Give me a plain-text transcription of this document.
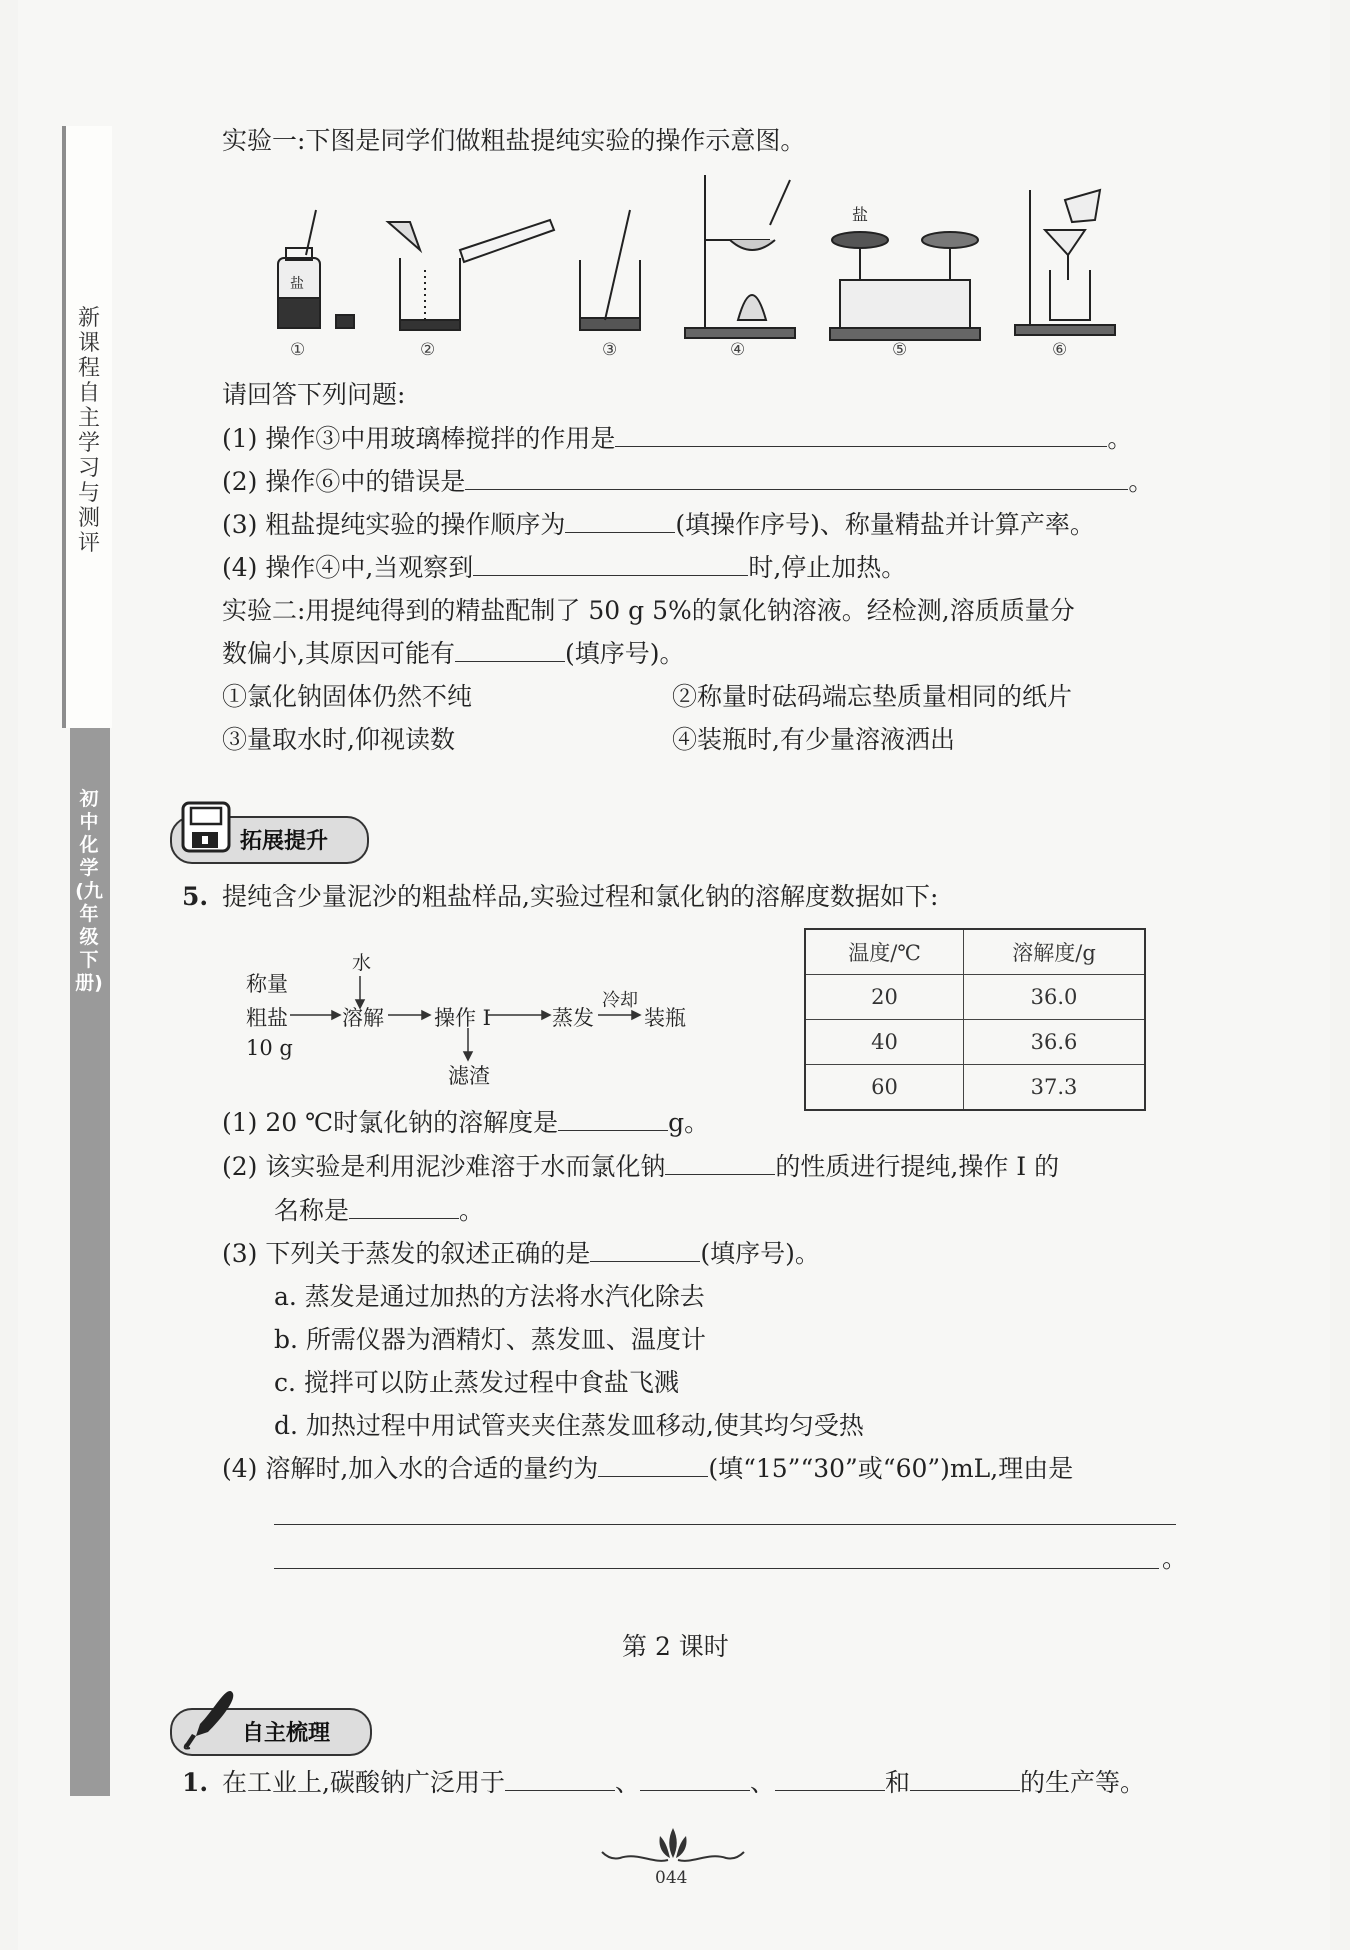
新课程自主学习与测评
初中化学(九年级下册)
实验一:下图是同学们做粗盐提纯实验的操作示意图。
盐
盐
①	②	③	④	⑤	⑥
请回答下列问题:
(1) 操作③中用玻璃棒搅拌的作用是	。
(2) 操作⑥中的错误是	。
(3) 粗盐提纯实验的操作顺序为	(填操作序号)、称量精盐并计算产率。
(4) 操作④中,当观察到	时,停止加热。
实验二:用提纯得到的精盐配制了 50 g 5%的氯化钠溶液。经检测,溶质质量分
数偏小,其原因可能有	(填序号)。
①氯化钠固体仍然不纯	②称量时砝码端忘垫质量相同的纸片
③量取水时,仰视读数	④装瓶时,有少量溶液洒出
拓展提升
5. 提纯含少量泥沙的粗盐样品,实验过程和氯化钠的溶解度数据如下:
称量
粗盐
10 g
水
溶解 操作 I
滤渣
蒸发
冷却
装瓶
温度/℃	溶解度/g
20	36.0
40	36.6
60	37.3
(1) 20 ℃时氯化钠的溶解度是	g。
(2) 该实验是利用泥沙难溶于水而氯化钠	的性质进行提纯,操作 I 的
名称是	。
(3) 下列关于蒸发的叙述正确的是	(填序号)。
a. 蒸发是通过加热的方法将水汽化除去
b. 所需仪器为酒精灯、蒸发皿、温度计
c. 搅拌可以防止蒸发过程中食盐飞溅
d. 加热过程中用试管夹夹住蒸发皿移动,使其均匀受热
(4) 溶解时,加入水的合适的量约为	(填“15”“30”或“60”)mL,理由是
。
第 2 课时
自主梳理
1. 在工业上,碳酸钠广泛用于	、	、	和	的生产等。
044
